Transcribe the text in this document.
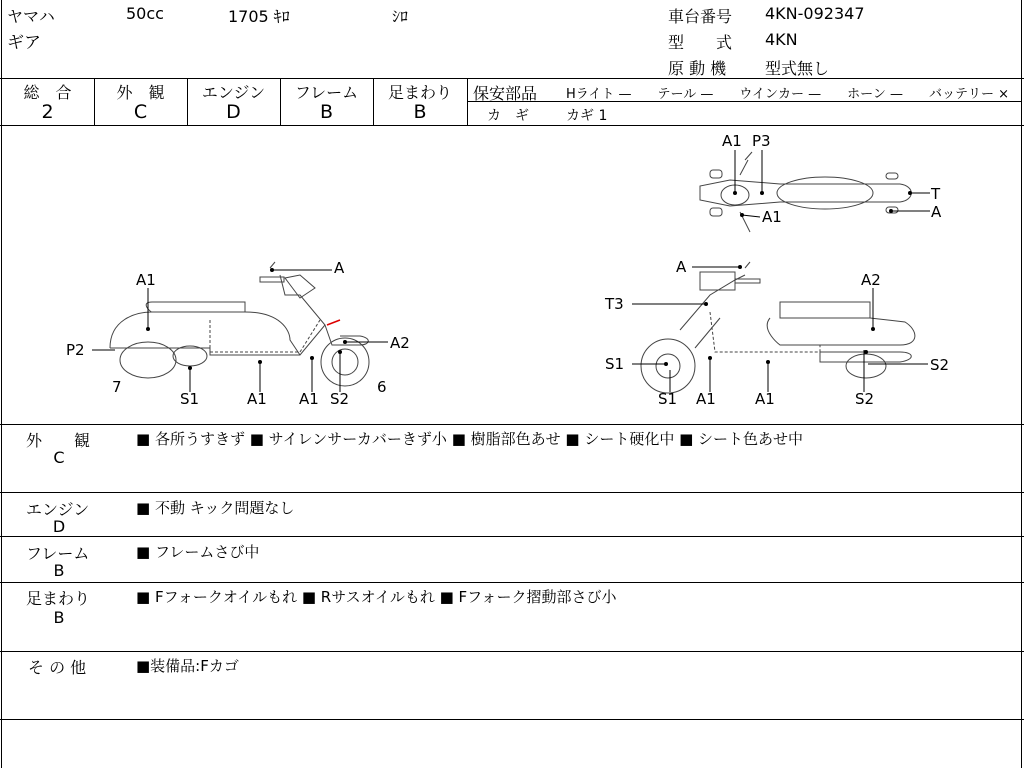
ヤマハ	50cc	1705 ｷﾛ	ｼﾛ
ギア
車台番号 4KN-092347
型　　式 4KN
原 動 機 型式無し
総　合	外　観	エンジン	フレーム	足まわり
2	C	D	B	B
保安部品 Hライト —　　テール —　　ウインカー —　　ホーン —　　バッテリー ×
カ　ギ	カギ 1
A1 P3
T
A
A1
A1
A
P2	A2
7
S1	A1 A1 S2
6
A
A2
T3
S1	S2
S1 A1	A1	S2
外　　観
C
■ 各所うすきず ■ サイレンサーカバーきず小 ■ 樹脂部色あせ ■ シート硬化中 ■ シート色あせ中
エンジン
D
■ 不動 キック問題なし
フレーム
B
■ フレームさび中
足まわり
B
■ Fフォークオイルもれ ■ Rサスオイルもれ ■ Fフォーク摺動部さび小
そ の 他	■装備品:Fカゴ
